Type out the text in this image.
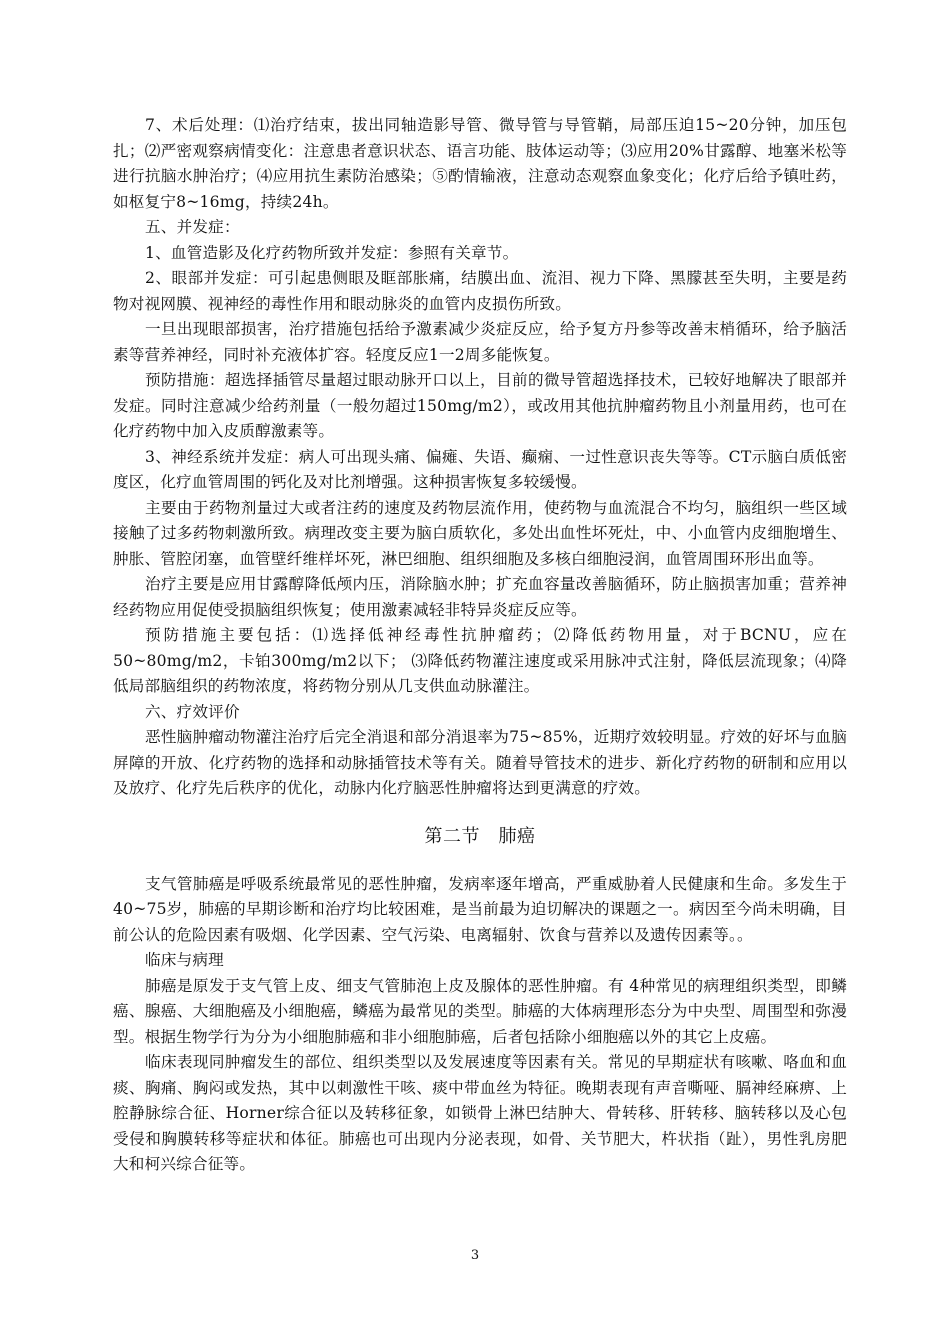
7、术后处理：⑴治疗结束，拔出同轴造影导管、微导管与导管鞘，局部压迫15~20分钟，加压包扎；⑵严密观察病情变化：注意患者意识状态、语言功能、肢体运动等；⑶应用20%甘露醇、地塞米松等进行抗脑水肿治疗；⑷应用抗生素防治感染；⑤酌情输液，注意动态观察血象变化；化疗后给予镇吐药，如枢复宁8~16mg，持续24h。

五、并发症：

1、血管造影及化疗药物所致并发症：参照有关章节。

2、眼部并发症：可引起患侧眼及眶部胀痛，结膜出血、流泪、视力下降、黑朦甚至失明，主要是药物对视网膜、视神经的毒性作用和眼动脉炎的血管内皮损伤所致。

一旦出现眼部损害，治疗措施包括给予激素减少炎症反应，给予复方丹参等改善末梢循环，给予脑活素等营养神经，同时补充液体扩容。轻度反应1一2周多能恢复。

预防措施：超选择插管尽量超过眼动脉开口以上，目前的微导管超选择技术，已较好地解决了眼部并发症。同时注意减少给药剂量（一般勿超过150mg/m2），或改用其他抗肿瘤药物且小剂量用药，也可在化疗药物中加入皮质醇激素等。

3、神经系统并发症：病人可出现头痛、偏瘫、失语、癫痫、一过性意识丧失等等。CT示脑白质低密度区，化疗血管周围的钙化及对比剂增强。这种损害恢复多较缓慢。

主要由于药物剂量过大或者注药的速度及药物层流作用，使药物与血流混合不均匀，脑组织一些区域接触了过多药物刺激所致。病理改变主要为脑白质软化，多处出血性坏死灶，中、小血管内皮细胞增生、肿胀、管腔闭塞，血管壁纤维样坏死，淋巴细胞、组织细胞及多核白细胞浸润，血管周围环形出血等。

治疗主要是应用甘露醇降低颅内压，消除脑水肿；扩充血容量改善脑循环，防止脑损害加重；营养神经药物应用促使受损脑组织恢复；使用激素减轻非特异炎症反应等。

预防措施主要包括：⑴选择低神经毒性抗肿瘤药；⑵降低药物用量，对于BCNU，应在50~80mg/m2，卡铂300mg/m2以下； ⑶降低药物灌注速度或采用脉冲式注射，降低层流现象；⑷降低局部脑组织的药物浓度，将药物分别从几支供血动脉灌注。

六、疗效评价

恶性脑肿瘤动物灌注治疗后完全消退和部分消退率为75~85%，近期疗效较明显。疗效的好坏与血脑屏障的开放、化疗药物的选择和动脉插管技术等有关。随着导管技术的进步、新化疗药物的研制和应用以及放疗、化疗先后秩序的优化，动脉内化疗脑恶性肿瘤将达到更满意的疗效。

第二节　肺癌

支气管肺癌是呼吸系统最常见的恶性肿瘤，发病率逐年增高，严重威胁着人民健康和生命。多发生于40~75岁，肺癌的早期诊断和治疗均比较困难，是当前最为迫切解决的课题之一。病因至今尚未明确，目前公认的危险因素有吸烟、化学因素、空气污染、电离辐射、饮食与营养以及遗传因素等。。

临床与病理

肺癌是原发于支气管上皮、细支气管肺泡上皮及腺体的恶性肿瘤。有 4种常见的病理组织类型，即鳞癌、腺癌、大细胞癌及小细胞癌，鳞癌为最常见的类型。肺癌的大体病理形态分为中央型、周围型和弥漫型。根据生物学行为分为小细胞肺癌和非小细胞肺癌，后者包括除小细胞癌以外的其它上皮癌。

临床表现同肿瘤发生的部位、组织类型以及发展速度等因素有关。常见的早期症状有咳嗽、咯血和血痰、胸痛、胸闷或发热，其中以刺激性干咳、痰中带血丝为特征。晚期表现有声音嘶哑、膈神经麻痹、上腔静脉综合征、Horner综合征以及转移征象，如锁骨上淋巴结肿大、骨转移、肝转移、脑转移以及心包受侵和胸膜转移等症状和体征。肺癌也可出现内分泌表现，如骨、关节肥大，杵状指（趾），男性乳房肥大和柯兴综合征等。

3
